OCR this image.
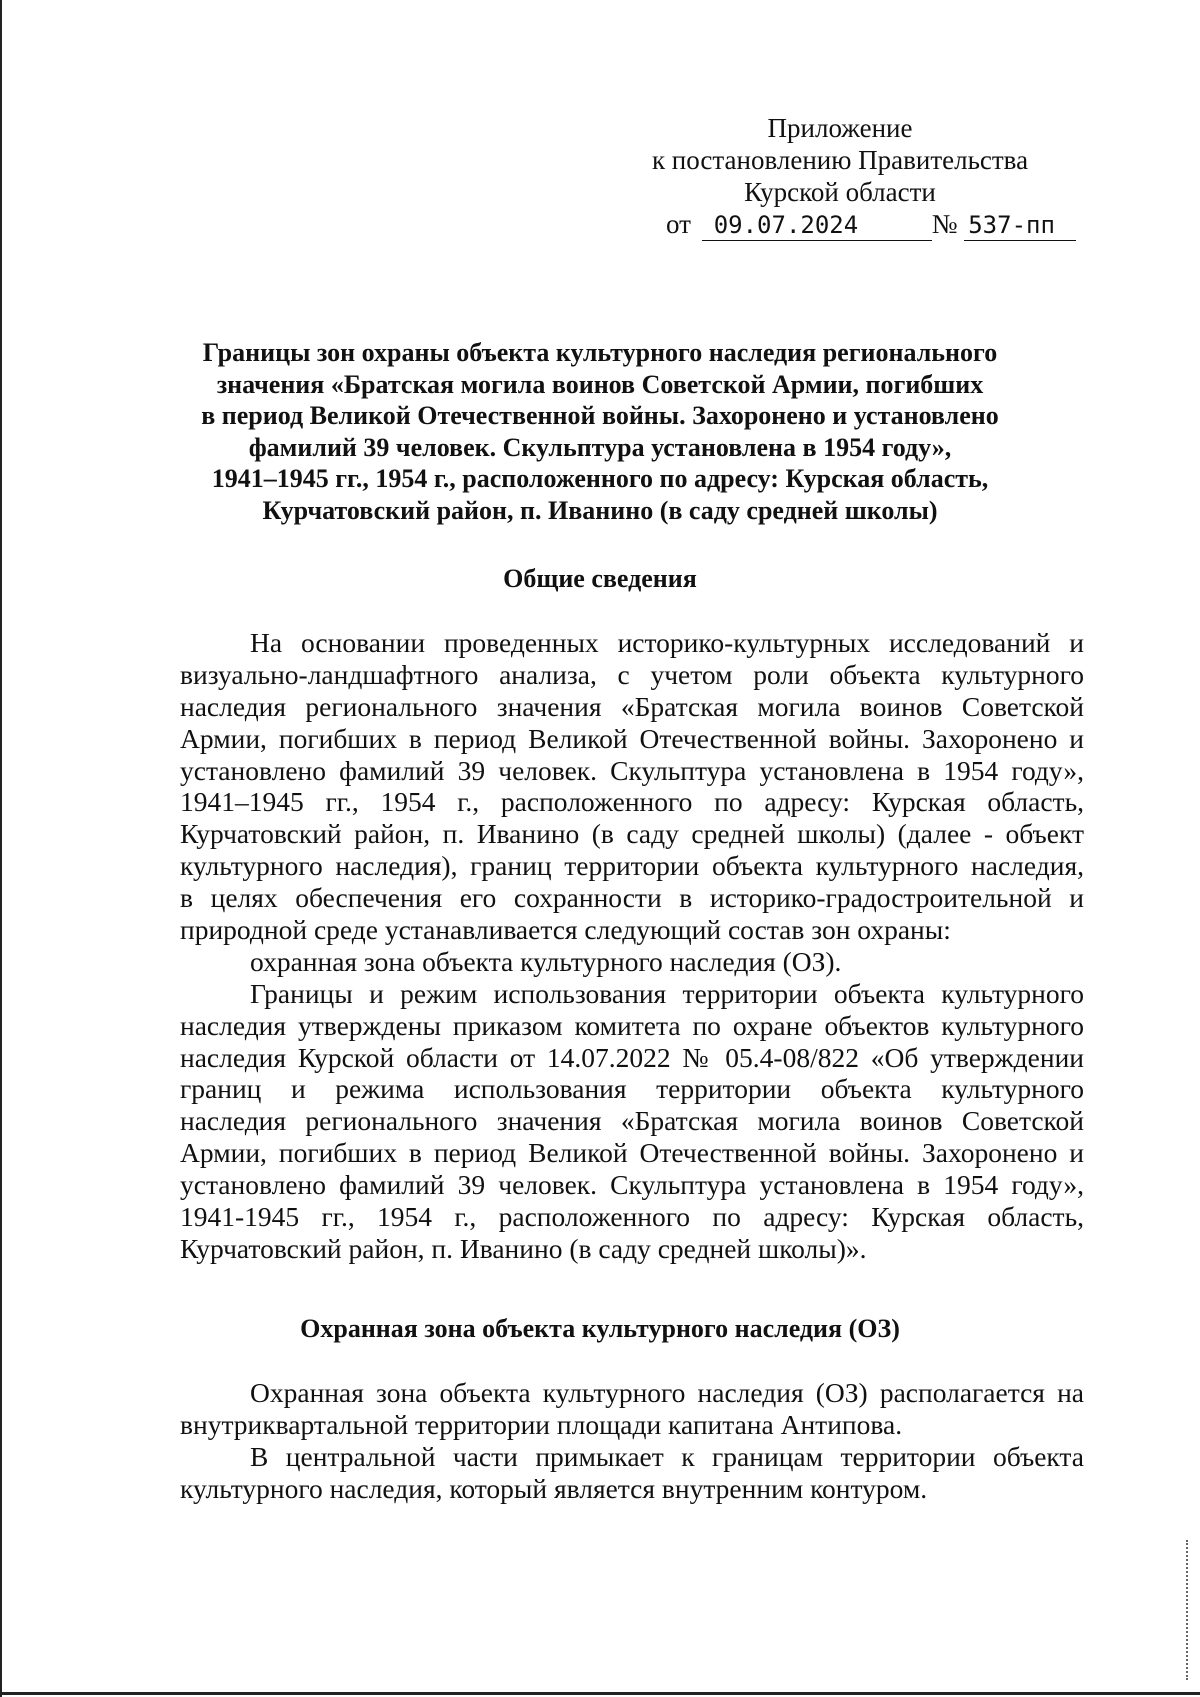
Приложение
к постановлению Правительства
Курской области
от 09.07.2024	№ 537-пп
Границы зон охраны объекта культурного наследия регионального
значения «Братская могила воинов Советской Армии, погибших
в период Великой Отечественной войны. Захоронено и установлено
фамилий 39 человек. Скульптура установлена в 1954 году»,
1941–1945 гг., 1954 г., расположенного по адресу: Курская область,
Курчатовский район, п. Иванино (в саду средней школы)
Общие сведения
На основании проведенных историко-культурных исследований и
визуально-ландшафтного анализа, с учетом роли объекта культурного
наследия регионального значения «Братская могила воинов Советской
Армии, погибших в период Великой Отечественной войны. Захоронено и
установлено фамилий 39 человек. Скульптура установлена в 1954 году»,
1941–1945 гг., 1954 г., расположенного по адресу: Курская область,
Курчатовский район, п. Иванино (в саду средней школы) (далее - объект
культурного наследия), границ территории объекта культурного наследия,
в целях обеспечения его сохранности в историко-градостроительной и
природной среде устанавливается следующий состав зон охраны:
охранная зона объекта культурного наследия (ОЗ).
Границы и режим использования территории объекта культурного
наследия утверждены приказом комитета по охране объектов культурного
наследия Курской области от 14.07.2022 № 05.4-08/822 «Об утверждении
границ и режима использования территории объекта культурного
наследия регионального значения «Братская могила воинов Советской
Армии, погибших в период Великой Отечественной войны. Захоронено и
установлено фамилий 39 человек. Скульптура установлена в 1954 году»,
1941-1945 гг., 1954 г., расположенного по адресу: Курская область,
Курчатовский район, п. Иванино (в саду средней школы)».
Охранная зона объекта культурного наследия (ОЗ)
Охранная зона объекта культурного наследия (ОЗ) располагается на
внутриквартальной территории площади капитана Антипова.
В центральной части примыкает к границам территории объекта
культурного наследия, который является внутренним контуром.
